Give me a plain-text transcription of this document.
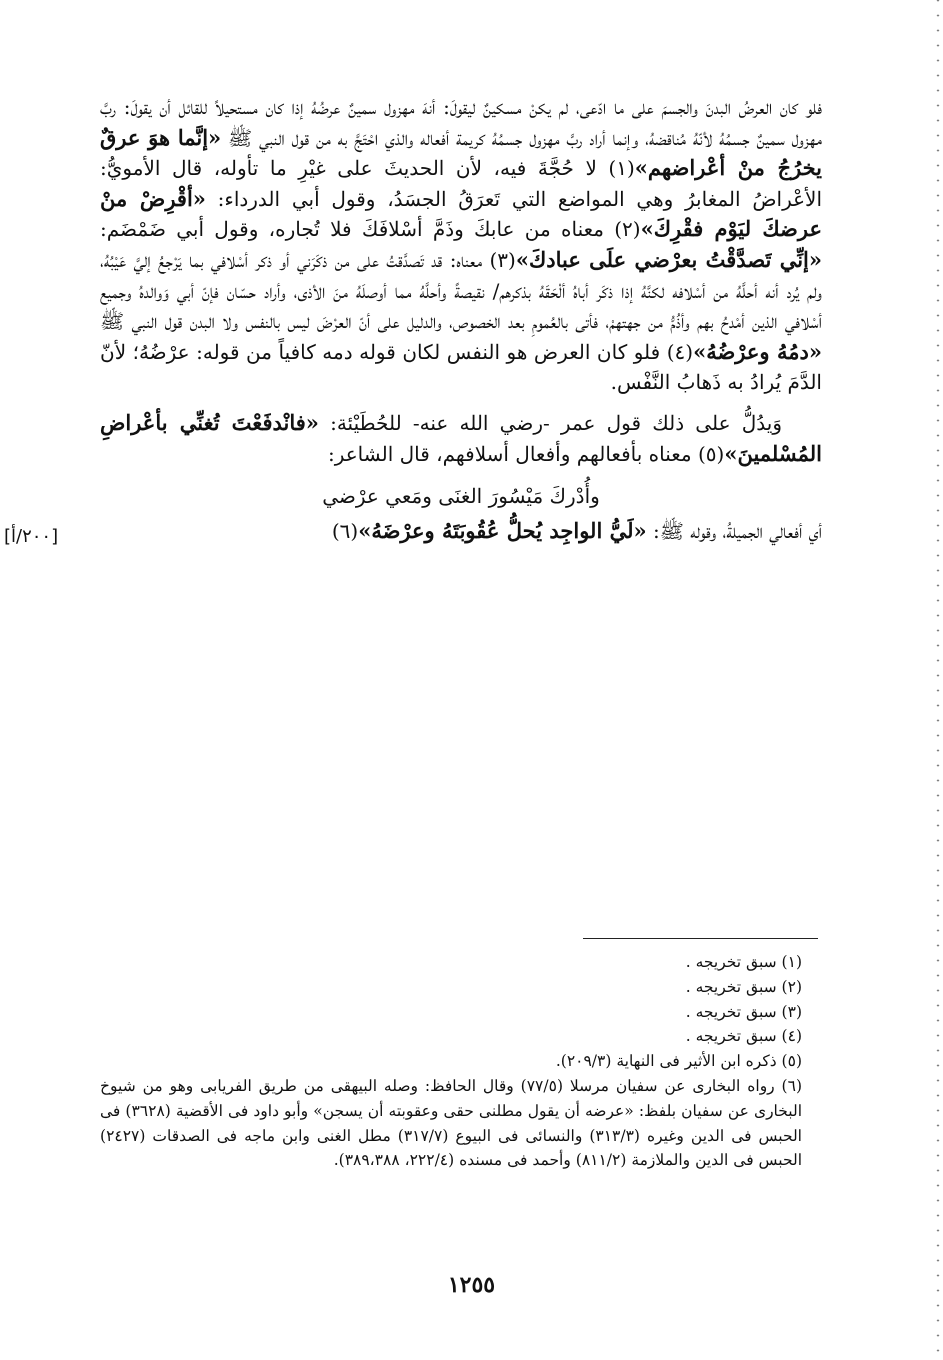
فلو كان العرضُ البدنَ والجسمَ على ما ادّعى، لم يكنْ مسكينٌ ليقولَ: أنهَ مهزول سمينٌ عرضُهُ إذا كان مستحيلاً للقائل أن يقولَ: ربَّ مهزول سمينٌ جسمُهُ لأنّهُ مُناقضهُ، وإنما أراد ربَّ مهزول جسمُهُ كريمة أفعاله والذي احْتَجَّ به من قول النبي ﷺ «إنَّما هوَ عرقٌ يخرُجُ منْ أعْراضهم»(١) لا حُجَّةَ فيه، لأن الحديثَ على غيْرِ ما تأوله، قال الأمويُّ: الأعْراضُ المغابرُ وهي المواضع التي تَعرَقُ الجسَدُ، وقول أبي الدرداء: «أقْرِضْ منْ عرضكَ ليَوْم فقْرِكَ»(٢) معناه من عابكَ وذَمَّ أسْلافَكَ فلا تُجاره، وقول أبي ضَمْضَم: «إنِّي تَصدَّقْتُ بعرْضي علَى عبادكَ»(٣) معناه: قد تَصدَّقتُ على من ذكَرَني أو ذكر أسْلافي بما يَرْجعُ إليَّ عَيْبُهُ، ولم يُرد أنه أحلَّهُ من أسْلافه لكنَّهُ إذا ذكَر أباهُ ألْحَقَهُ بذكرهم/ نقيصةً وأحلَّهُ مما أوصلَهُ منَ الأذى، وأراد حسّان فإنّ أبي وَوالدهُ وجميع أسْلافي الذين أمْدحُ بهم وأذُمُّ من جهتهمْ، فأتى بالعُمومِ بعد الخصوص، والدليل على أنّ العرْضَ ليس بالنفس ولا البدن قول النبي ﷺ «دمُهُ وعرْضُهُ»(٤) فلو كان العرض هو النفس لكان قوله دمه كافياً من قوله: عرْضُهُ؛ لأنّ الدَّمَ يُرادُ به ذَهابُ النَّفْس.

وَيدُلُّ على ذلك قول عمر -رضي الله عنه- للحُطَيْئة: «فانْدفَعْتَ تُغنِّي بأعْراضِ المُسْلمينَ»(٥) معناه بأفعالهم وأفعال أسلافهم، قال الشاعر:

وأُدْركَ مَيْسُورَ الغنَى ومَعي عرْضي

أي أفعالي الجميلةُ، وقوله ﷺ: «لَيُّ الواجِد يُحلُّ عُقُوبَتَهُ وعرْضَهُ»(٦)

[٢٠٠/أ]

(١) سبق تخريجه .

(٢) سبق تخريجه .

(٣) سبق تخريجه .

(٤) سبق تخريجه .

(٥) ذكره ابن الأثير فى النهاية (٢٠٩/٣).

(٦) رواه البخارى عن سفيان مرسلا (٧٧/٥) وقال الحافظ: وصله البيهقى من طريق الفريابى وهو من شيوخ البخارى عن سفيان بلفظ: «عرضه أن يقول مطلنى حقى وعقوبته أن يسجن» وأبو داود فى الأقضية (٣٦٢٨) فى الحبس فى الدين وغيره (٣١٣/٣) والنسائى فى البيوع (٣١٧/٧) مطل الغنى وابن ماجه فى الصدقات (٢٤٢٧) الحبس فى الدين والملازمة (٨١١/٢) وأحمد فى مسنده (٢٢٢/٤، ٣٨٩،٣٨٨).

١٢٥٥
